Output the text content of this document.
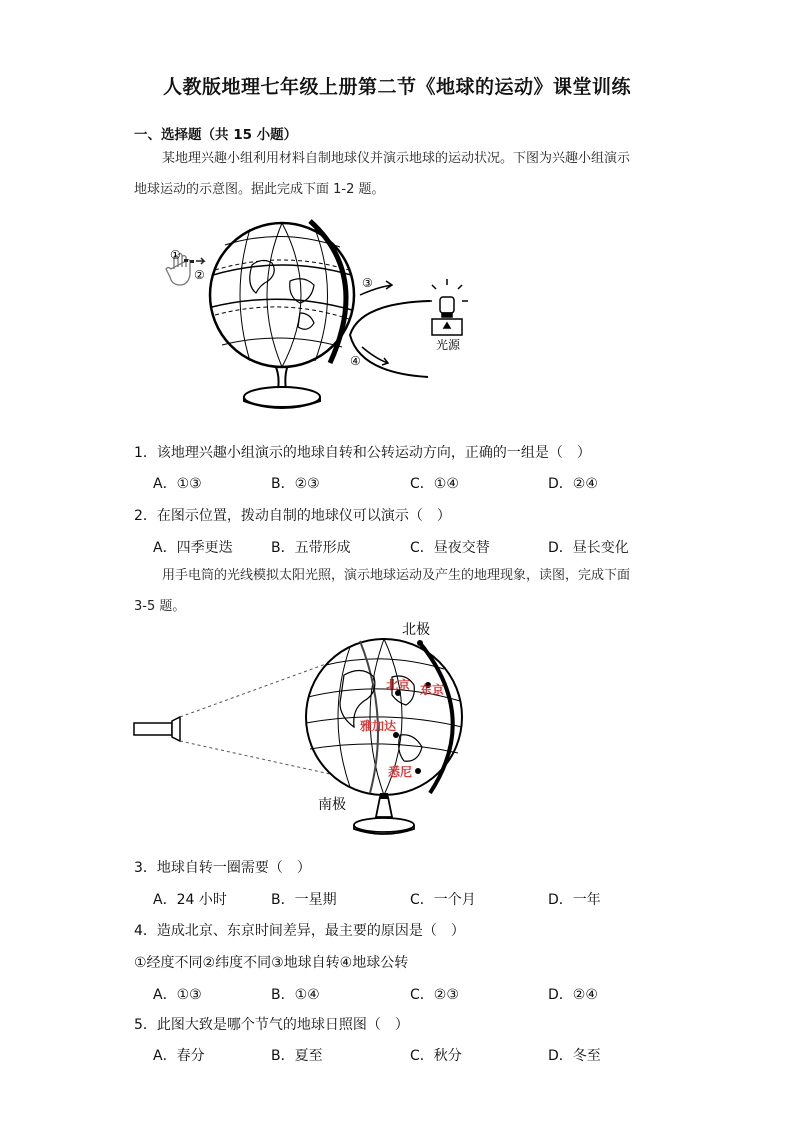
人教版地理七年级上册第二节《地球的运动》课堂训练
一、选择题（共 15 小题）
某地理兴趣小组利用材料自制地球仪并演示地球的运动状况。下图为兴趣小组演示
地球运动的示意图。据此完成下面 1-2 题。
①
②
③
④
光源
1．该地理兴趣小组演示的地球自转和公转运动方向，正确的一组是（　）
A．①③	B．②③	C．①④	D．②④
2．在图示位置，拨动自制的地球仪可以演示（　）
A．四季更迭	B．五带形成	C．昼夜交替	D．昼长变化
用手电筒的光线模拟太阳光照，演示地球运动及产生的地理现象，读图，完成下面
3-5 题。
北极
南极
北京 东京
雅加达
悉尼
3．地球自转一圈需要（　）
A．24 小时	B．一星期	C．一个月	D．一年
4．造成北京、东京时间差异，最主要的原因是（　）
①经度不同②纬度不同③地球自转④地球公转
A．①③	B．①④	C．②③	D．②④
5．此图大致是哪个节气的地球日照图（　）
A．春分	B．夏至	C．秋分	D．冬至
